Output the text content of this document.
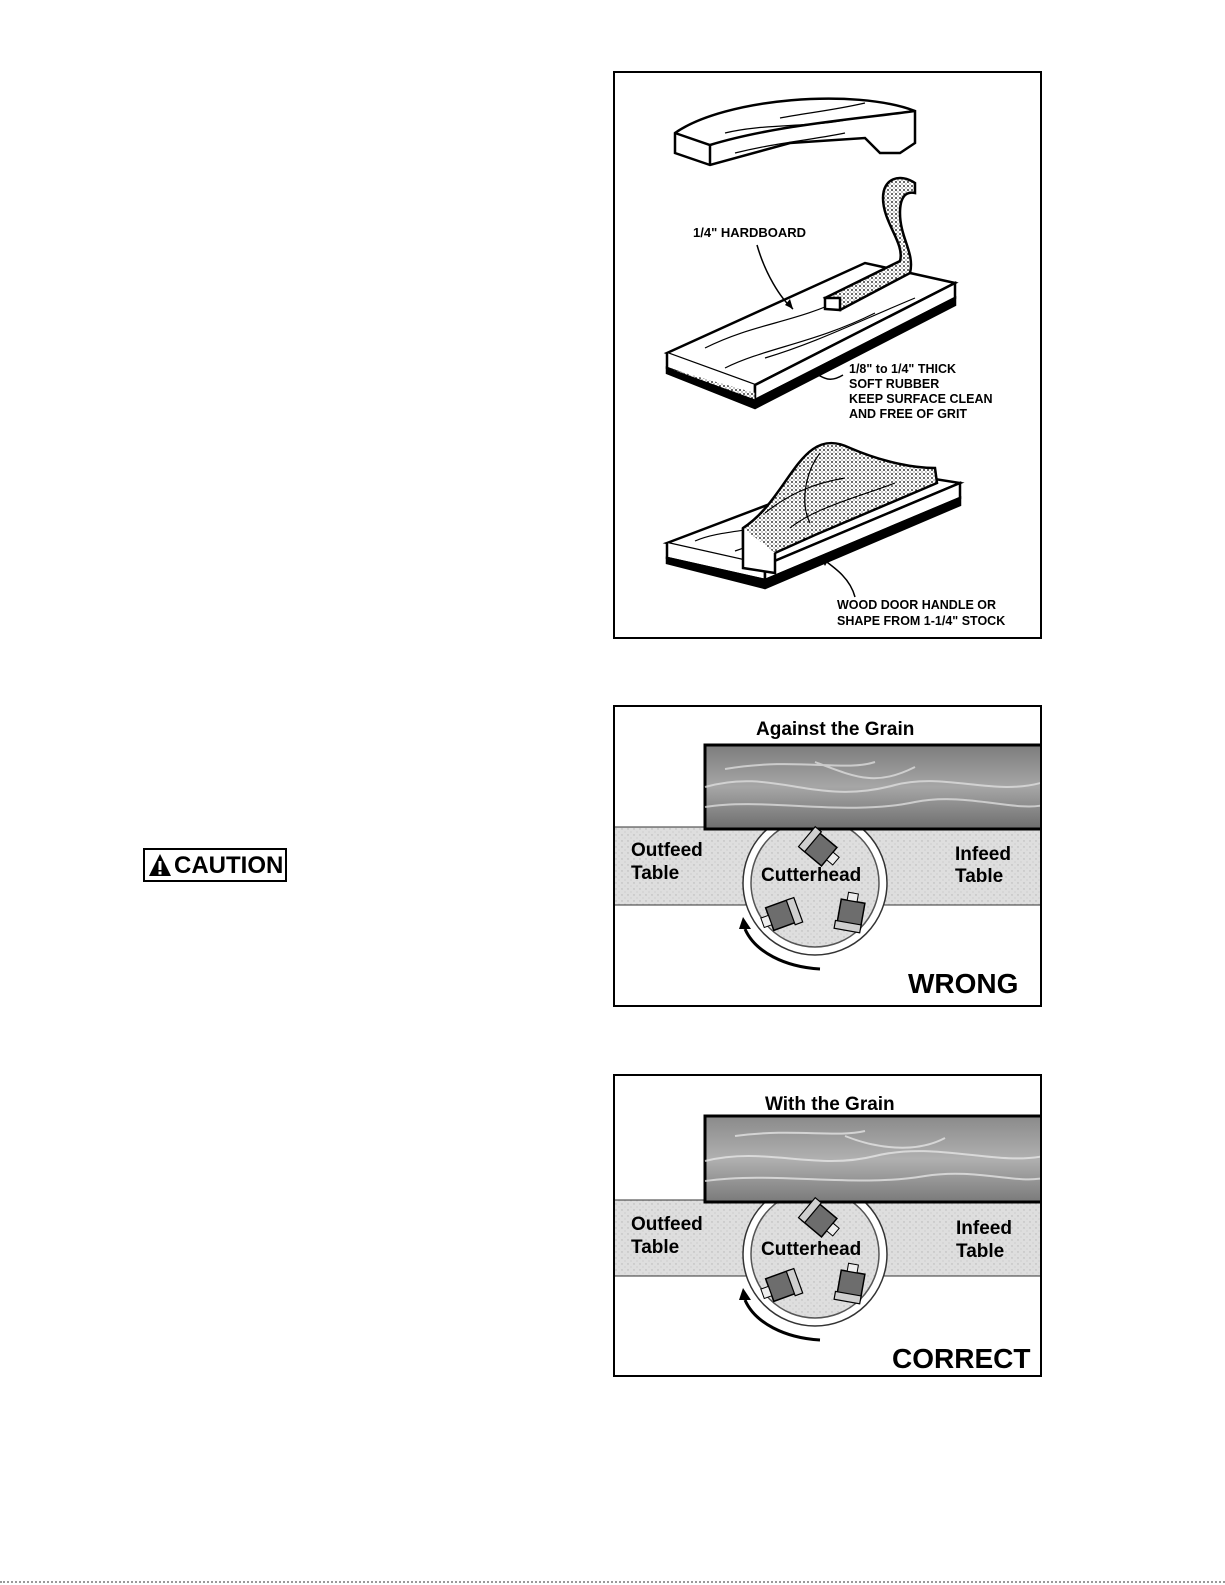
1/4" HARDBOARD
1/8" to 1/4" THICK
SOFT RUBBER
KEEP SURFACE CLEAN
AND FREE OF GRIT
WOOD DOOR HANDLE OR
SHAPE FROM 1-1/4" STOCK
CAUTION
Against the Grain
Outfeed
Table
Infeed
Table
Cutterhead
WRONG
With the Grain
Outfeed
Table
Infeed
Table
Cutterhead
CORRECT
